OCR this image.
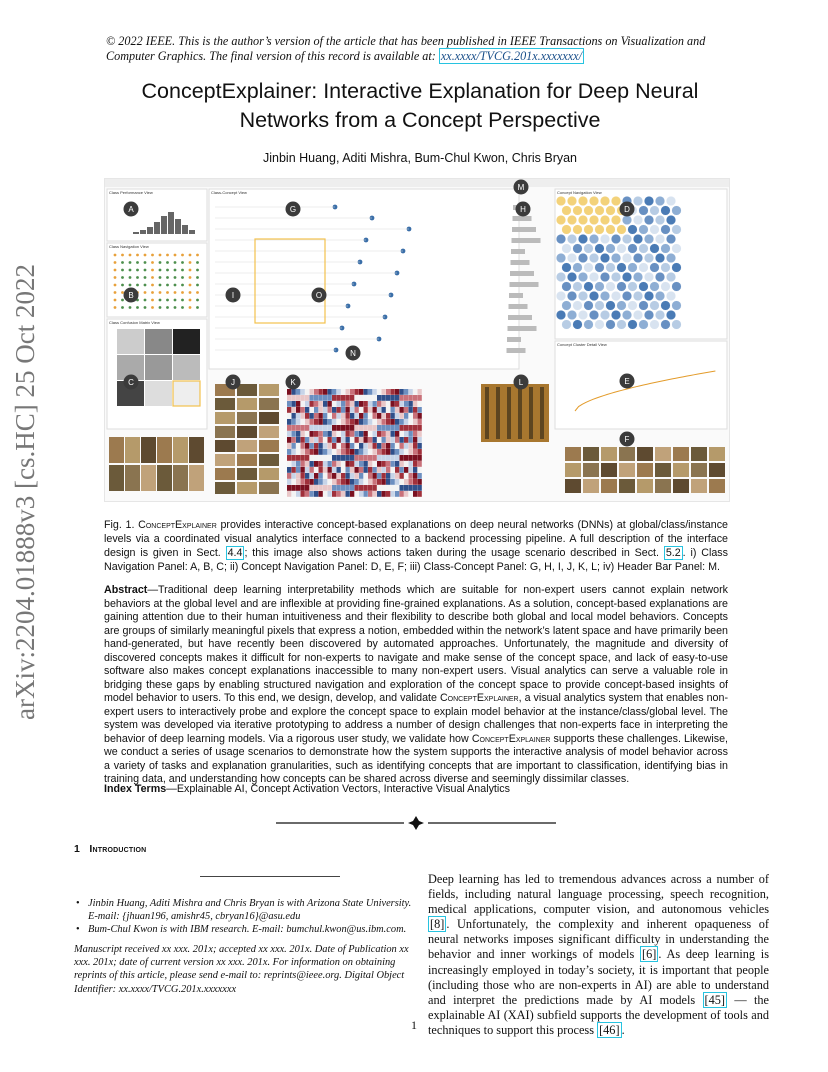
arXiv:2204.01888v3 [cs.HC] 25 Oct 2022
© 2022 IEEE. This is the author’s version of the article that has been published in IEEE Transactions on Visualization and Computer Graphics. The final version of this record is available at: xx.xxxx/TVCG.201x.xxxxxxx/
ConceptExplainer: Interactive Explanation for Deep Neural
Networks from a Concept Perspective
Jinbin Huang, Aditi Mishra, Bum-Chul Kwon, Chris Bryan
Class Performance View
Class Navigation View
Class Confusion Matrix View
Class-Concept View	Concept Navigation View
Concept Cluster Detail View
A
B
C
D
E
F
G	H
I
J	K	L
M
N
O
Fig. 1. ConceptExplainer provides interactive concept-based explanations on deep neural networks (DNNs) at global/class/instance levels via a coordinated visual analytics interface connected to a backend processing pipeline. A full description of the interface design is given in Sect. 4.4 ; this image also shows actions taken during the usage scenario described in Sect. 5.2 . i) Class Navigation Panel: A, B, C; ii) Concept Navigation Panel: D, E, F; iii) Class-Concept Panel: G, H, I, J, K, L; iv) Header Bar Panel: M.
Abstract—Traditional deep learning interpretability methods which are suitable for non-expert users cannot explain network behaviors at the global level and are inflexible at providing fine-grained explanations. As a solution, concept-based explanations are gaining attention due to their human intuitiveness and their flexibility to describe both global and local model behaviors. Concepts are groups of similarly meaningful pixels that express a notion, embedded within the network’s latent space and have primarily been hand-generated, but have recently been discovered by automated approaches. Unfortunately, the magnitude and diversity of discovered concepts makes it difficult for non-experts to navigate and make sense of the concept space, and lack of easy-to-use software also makes concept explanations inaccessible to many non-expert users. Visual analytics can serve a valuable role in bridging these gaps by enabling structured navigation and exploration of the concept space to provide concept-based insights of model behavior to users. To this end, we design, develop, and validate ConceptExplainer, a visual analytics system that enables non-expert users to interactively probe and explore the concept space to explain model behavior at the instance/class/global level. The system was developed via iterative prototyping to address a number of design challenges that non-experts face in interpreting the behavior of deep learning models. Via a rigorous user study, we validate how ConceptExplainer supports these challenges. Likewise, we conduct a series of usage scenarios to demonstrate how the system supports the interactive analysis of model behavior across a variety of tasks and explanation granularities, such as identifying concepts that are important to classification, identifying bias in training data, and understanding how concepts can be shared across diverse and seemingly dissimilar classes.
Index Terms—Explainable AI, Concept Activation Vectors, Interactive Visual Analytics
1 Introduction
• Jinbin Huang, Aditi Mishra and Chris Bryan is with Arizona State University. E-mail: {jhuan196, amishr45, cbryan16}@asu.edu
• Bum-Chul Kwon is with IBM research. E-mail: bumchul.kwon@us.ibm.com.
Manuscript received xx xxx. 201x; accepted xx xxx. 201x. Date of Publication xx xxx. 201x; date of current version xx xxx. 201x. For information on obtaining reprints of this article, please send e-mail to: reprints@ieee.org. Digital Object Identifier: xx.xxxx/TVCG.201x.xxxxxxx
Deep learning has led to tremendous advances across a number of fields, including natural language processing, speech recognition, medical applications, computer vision, and autonomous vehicles [8] . Unfortunately, the complexity and inherent opaqueness of neural networks imposes significant difficulty in understanding the behavior and inner workings of models [6] . As deep learning is increasingly employed in today’s society, it is important that people (including those who are non-experts in AI) are able to understand and interpret the predictions made by AI models [45] — the explainable AI (XAI) subfield supports the development of tools and techniques to support this process [46] .
1
